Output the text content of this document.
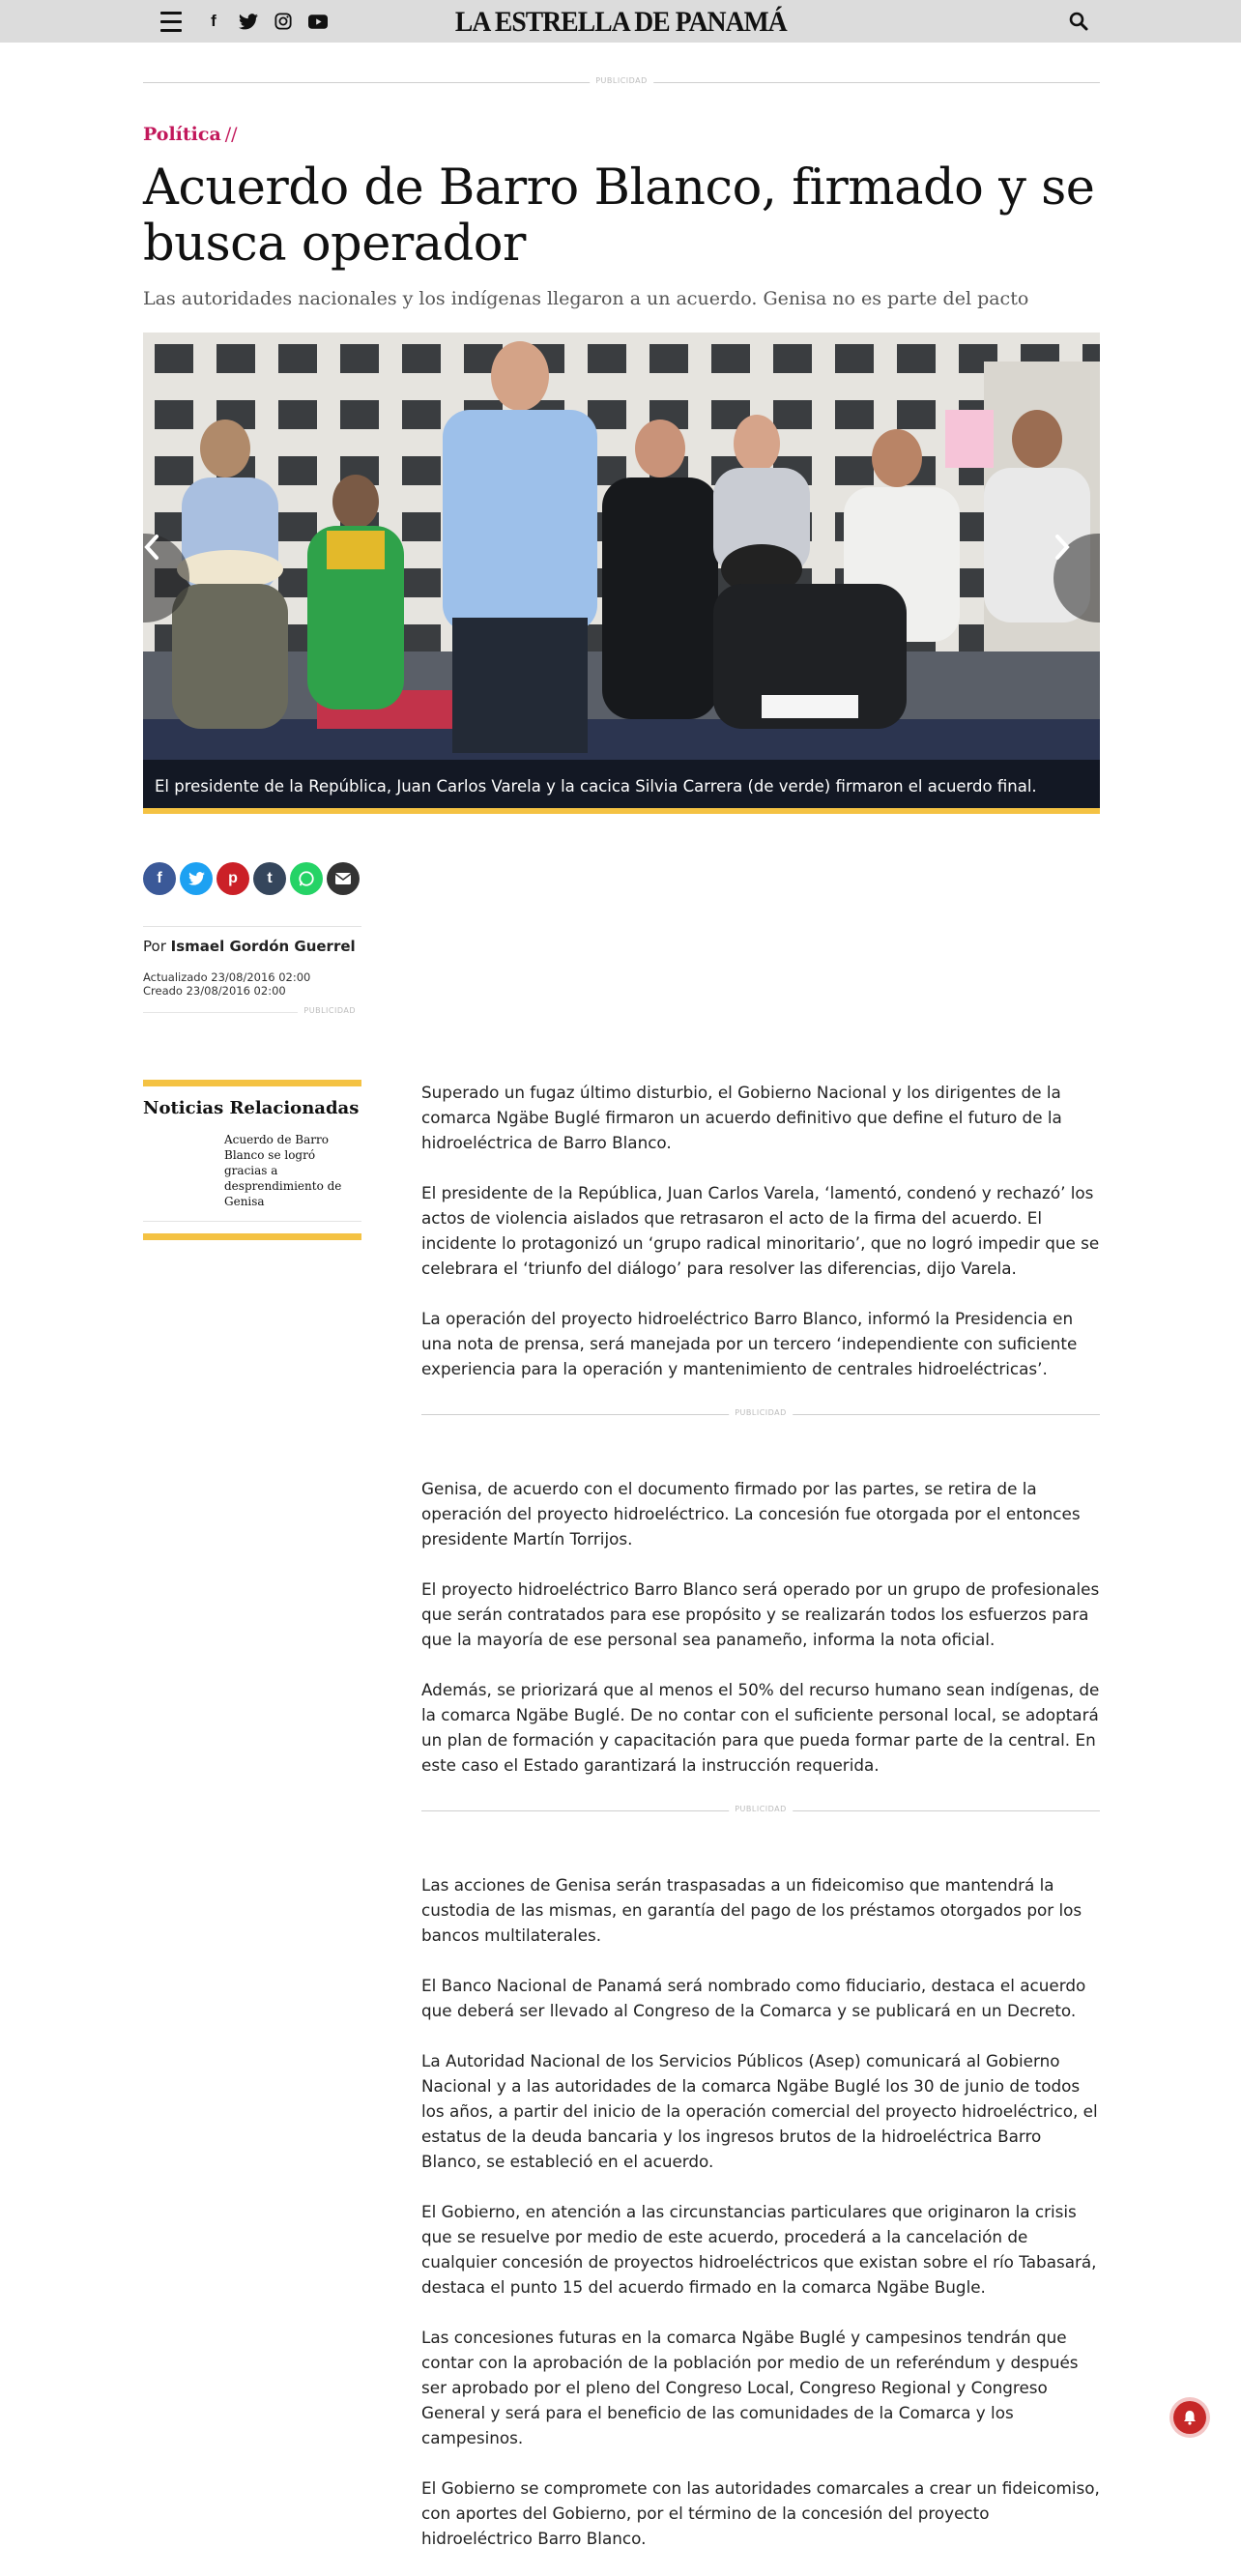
f	LA ESTRELLA DE PANAMÁ
PUBLICIDAD
Política //
Acuerdo de Barro Blanco, firmado y se busca operador
Las autoridades nacionales y los indígenas llegaron a un acuerdo. Genisa no es parte del pacto
El presidente de la República, Juan Carlos Varela y la cacica Silvia Carrera (de verde) firmaron el acuerdo final.
f	p	t
Por Ismael Gordón Guerrel
Actualizado 23/08/2016 02:00
Creado 23/08/2016 02:00
PUBLICIDAD
Noticias Relacionadas
Acuerdo de Barro Blanco se logró gracias a desprendimiento de Genisa

Superado un fugaz último disturbio, el Gobierno Nacional y los dirigentes de la comarca Ngäbe Buglé firmaron un acuerdo definitivo que define el futuro de la hidroeléctrica de Barro Blanco.

El presidente de la República, Juan Carlos Varela, ‘lamentó, condenó y rechazó’ los actos de violencia aislados que retrasaron el acto de la firma del acuerdo. El incidente lo protagonizó un ‘grupo radical minoritario’, que no logró impedir que se celebrara el ‘triunfo del diálogo’ para resolver las diferencias, dijo Varela.

La operación del proyecto hidroeléctrico Barro Blanco, informó la Presidencia en una nota de prensa, será manejada por un tercero ‘independiente con suficiente experiencia para la operación y mantenimiento de centrales hidroeléctricas’.

PUBLICIDAD

Genisa, de acuerdo con el documento firmado por las partes, se retira de la operación del proyecto hidroeléctrico. La concesión fue otorgada por el entonces presidente Martín Torrijos.

El proyecto hidroeléctrico Barro Blanco será operado por un grupo de profesionales que serán contratados para ese propósito y se realizarán todos los esfuerzos para que la mayoría de ese personal sea panameño, informa la nota oficial.

Además, se priorizará que al menos el 50% del recurso humano sean indígenas, de la comarca Ngäbe Buglé. De no contar con el suficiente personal local, se adoptará un plan de formación y capacitación para que pueda formar parte de la central. En este caso el Estado garantizará la instrucción requerida.

PUBLICIDAD

Las acciones de Genisa serán traspasadas a un fideicomiso que mantendrá la custodia de las mismas, en garantía del pago de los préstamos otorgados por los bancos multilaterales.

El Banco Nacional de Panamá será nombrado como fiduciario, destaca el acuerdo que deberá ser llevado al Congreso de la Comarca y se publicará en un Decreto.

La Autoridad Nacional de los Servicios Públicos (Asep) comunicará al Gobierno Nacional y a las autoridades de la comarca Ngäbe Buglé los 30 de junio de todos los años, a partir del inicio de la operación comercial del proyecto hidroeléctrico, el estatus de la deuda bancaria y los ingresos brutos de la hidroeléctrica Barro Blanco, se estableció en el acuerdo.

El Gobierno, en atención a las circunstancias particulares que originaron la crisis que se resuelve por medio de este acuerdo, procederá a la cancelación de cualquier concesión de proyectos hidroeléctricos que existan sobre el río Tabasará, destaca el punto 15 del acuerdo firmado en la comarca Ngäbe Bugle.

Las concesiones futuras en la comarca Ngäbe Buglé y campesinos tendrán que contar con la aprobación de la población por medio de un referéndum y después ser aprobado por el pleno del Congreso Local, Congreso Regional y Congreso General y será para el beneficio de las comunidades de la Comarca y los campesinos.

El Gobierno se compromete con las autoridades comarcales a crear un fideicomiso, con aportes del Gobierno, por el término de la concesión del proyecto hidroeléctrico Barro Blanco.
